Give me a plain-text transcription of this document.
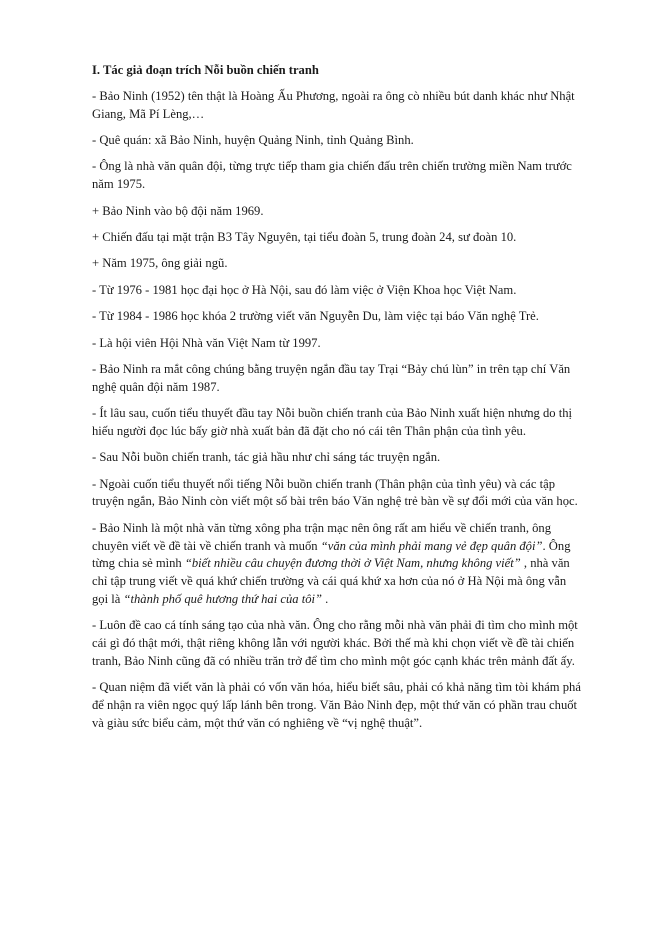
I. Tác giả đoạn trích Nỗi buồn chiến tranh

- Bảo Ninh (1952) tên thật là Hoàng Ấu Phương, ngoài ra ông cò nhiều bút danh khác như Nhật Giang, Mã Pí Lèng,…

- Quê quán: xã Bảo Ninh, huyện Quảng Ninh, tỉnh Quảng Bình.

- Ông là nhà văn quân đội, từng trực tiếp tham gia chiến đấu trên chiến trường miền Nam trước năm 1975.

+ Bảo Ninh vào bộ đội năm 1969.

+ Chiến đấu tại mặt trận B3 Tây Nguyên, tại tiểu đoàn 5, trung đoàn 24, sư đoàn 10.

+ Năm 1975, ông giải ngũ.

- Từ 1976 - 1981 học đại học ở Hà Nội, sau đó làm việc ở Viện Khoa học Việt Nam.

- Từ 1984 - 1986 học khóa 2 trường viết văn Nguyễn Du, làm việc tại báo Văn nghệ Trẻ.

- Là hội viên Hội Nhà văn Việt Nam từ 1997.

- Bảo Ninh ra mắt công chúng bằng truyện ngắn đầu tay Trại “Bảy chú lùn” in trên tạp chí Văn nghệ quân đội năm 1987.

- Ít lâu sau, cuốn tiểu thuyết đầu tay Nỗi buồn chiến tranh của Bảo Ninh xuất hiện nhưng do thị hiếu người đọc lúc bấy giờ nhà xuất bản đã đặt cho nó cái tên Thân phận của tình yêu.

- Sau Nỗi buồn chiến tranh, tác giả hầu như chỉ sáng tác truyện ngắn.

- Ngoài cuốn tiểu thuyết nổi tiếng Nỗi buồn chiến tranh (Thân phận của tình yêu) và các tập truyện ngắn, Bảo Ninh còn viết một số bài trên báo Văn nghệ trẻ bàn về sự đổi mới của văn học.

- Bảo Ninh là một nhà văn từng xông pha trận mạc nên ông rất am hiểu về chiến tranh, ông chuyên viết về đề tài về chiến tranh và muốn “văn của mình phải mang vẻ đẹp quân đội”. Ông từng chia sẻ mình “biết nhiều câu chuyện đương thời ở Việt Nam, nhưng không viết” , nhà văn chỉ tập trung viết về quá khứ chiến trường và cái quá khứ xa hơn của nó ở Hà Nội mà ông vẫn gọi là “thành phố quê hương thứ hai của tôi” .

- Luôn đề cao cá tính sáng tạo của nhà văn. Ông cho rằng mỗi nhà văn phải đi tìm cho mình một cái gì đó thật mới, thật riêng không lẫn với người khác. Bởi thế mà khi chọn viết về đề tài chiến tranh, Bảo Ninh cũng đã có nhiều trăn trở để tìm cho mình một góc cạnh khác trên mảnh đất ấy.

- Quan niệm đã viết văn là phải có vốn văn hóa, hiểu biết sâu, phải có khả năng tìm tòi khám phá để nhận ra viên ngọc quý lấp lánh bên trong. Văn Bảo Ninh đẹp, một thứ văn có phần trau chuốt và giàu sức biểu cảm, một thứ văn có nghiêng về “vị nghệ thuật”.
